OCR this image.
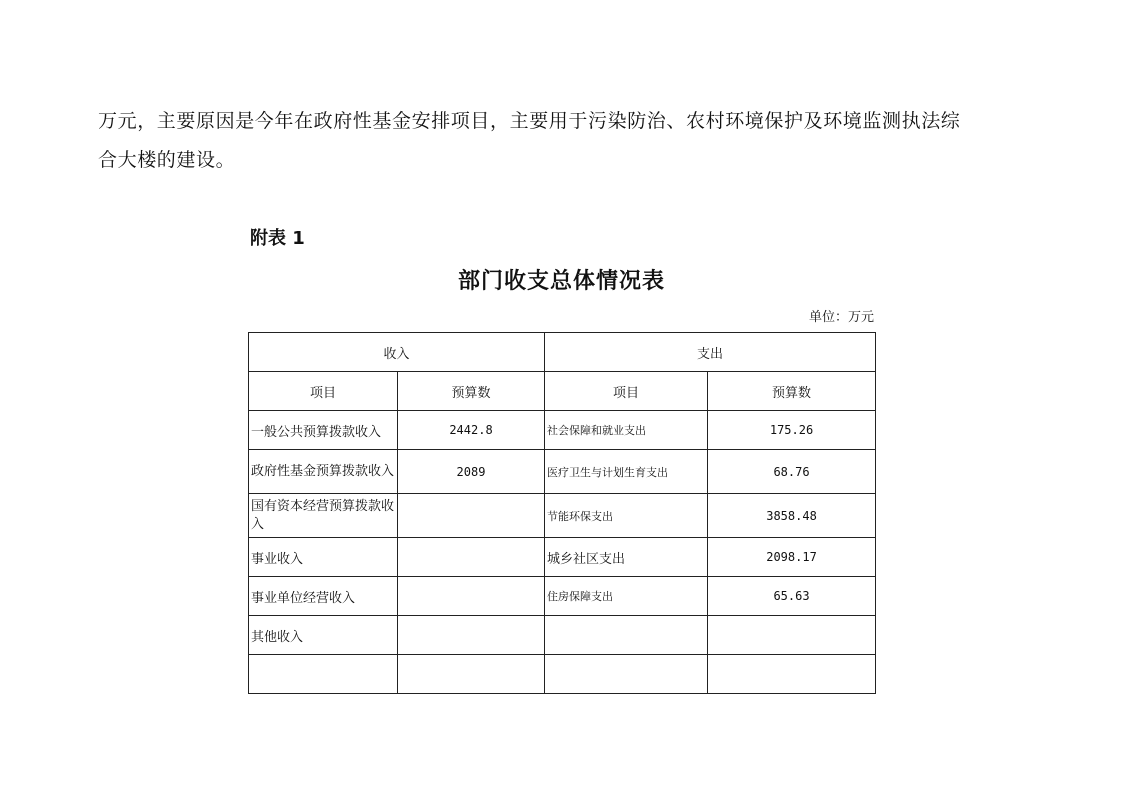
万元，主要原因是今年在政府性基金安排项目，主要用于污染防治、农村环境保护及环境监测执法综
合大楼的建设。
附表 1
部门收支总体情况表
单位：万元
收入		支出	
项目	预算数	项目	预算数
一般公共预算拨款收入	2442.8	社会保障和就业支出	175.26
政府性基金预算拨款收入	2089	医疗卫生与计划生育支出	68.76
国有资本经营预算拨款收入		节能环保支出	3858.48
事业收入		城乡社区支出	2098.17
事业单位经营收入		住房保障支出	65.63
其他收入			
